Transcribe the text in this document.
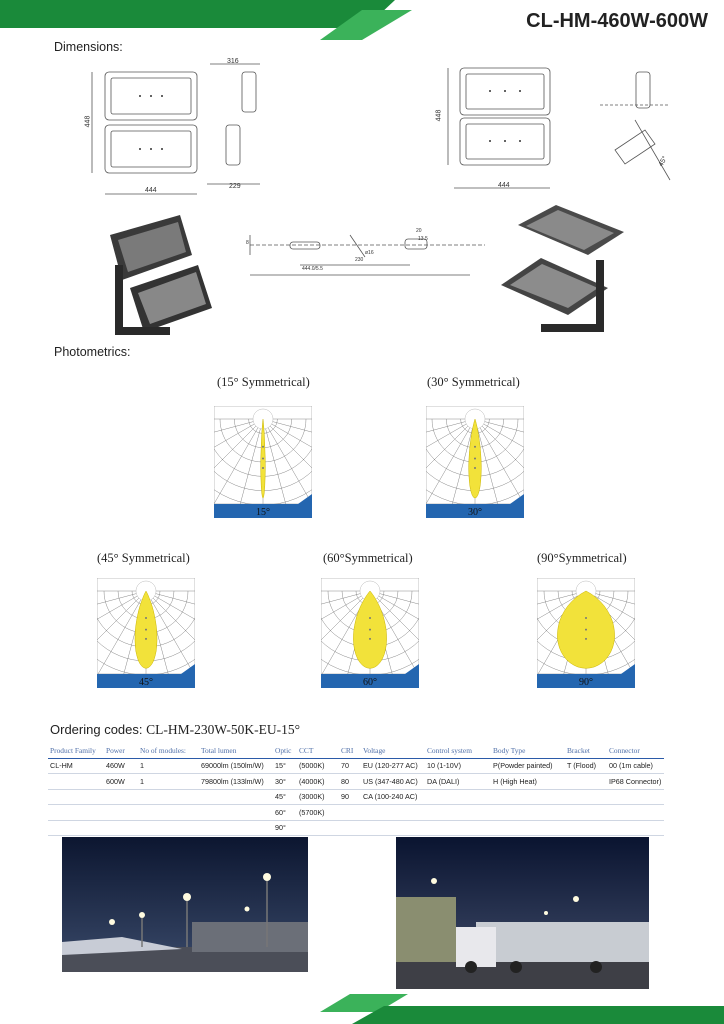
CL-HM-460W-600W
Dimensions:
316
448
444
229
448
444
45°
13.5
ø16
444.0/5.5
230
20
8
Photometrics:
(15° Symmetrical)	(30° Symmetrical)
(45° Symmetrical)	(60°Symmetrical)	(90°Symmetrical)
15°	30°
45°	60°	90°
Ordering codes: CL-HM-230W-50K-EU-15°
Product Family	Power	No of modules:	Total lumen	Optic	CCT	CRI	Voltage	Control system	Body Type	Bracket	Connector
CL-HM	460W	1	69000lm (150lm/W)	15°	(5000K)	70	EU (120-277 AC)	10 (1-10V)	P(Powder painted)	T (Flood)	00 (1m cable)
	600W	1	79800lm (133lm/W)	30°	(4000K)	80	US (347-480 AC)	DA (DALI)	H (High Heat)		IP68 Connector)
				45°	(3000K)	90	CA (100-240 AC)				
				60°	(5700K)						
				90°							
